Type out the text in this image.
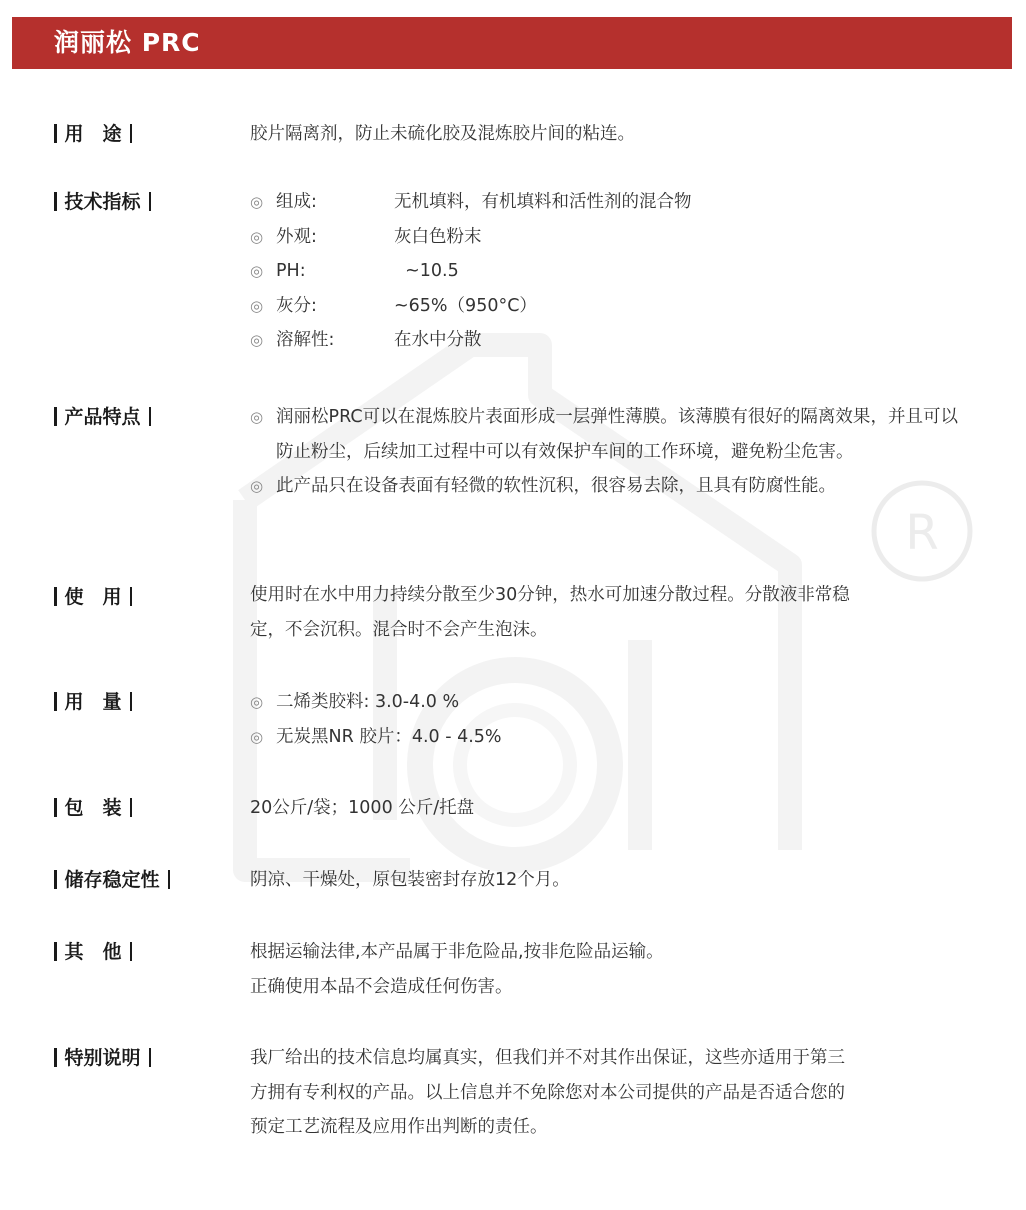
R
润丽松 PRC
用　途	胶片隔离剂，防止未硫化胶及混炼胶片间的粘连。
技术指标	◎ 组成:	无机填料，有机填料和活性剂的混合物
◎ 外观:	灰白色粉末
◎ PH:	~10.5
◎ 灰分:	~65%（950°C）
◎ 溶解性:	在水中分散
产品特点	◎ 润丽松PRC可以在混炼胶片表面形成一层弹性薄膜。该薄膜有很好的隔离效果，并且可以防止粉尘，后续加工过程中可以有效保护车间的工作环境，避免粉尘危害。
◎ 此产品只在设备表面有轻微的软性沉积，很容易去除，且具有防腐性能。
使　用	使用时在水中用力持续分散至少30分钟，热水可加速分散过程。分散液非常稳
定，不会沉积。混合时不会产生泡沫。
用　量	◎ 二烯类胶料: 3.0-4.0 %
◎ 无炭黑NR 胶片：4.0 - 4.5%
包　装	20公斤/袋；1000 公斤/托盘
储存稳定性	阴凉、干燥处，原包装密封存放12个月。
其　他	根据运输法律,本产品属于非危险品,按非危险品运输。
正确使用本品不会造成任何伤害。
特别说明	我厂给出的技术信息均属真实，但我们并不对其作出保证，这些亦适用于第三
方拥有专利权的产品。以上信息并不免除您对本公司提供的产品是否适合您的
预定工艺流程及应用作出判断的责任。
